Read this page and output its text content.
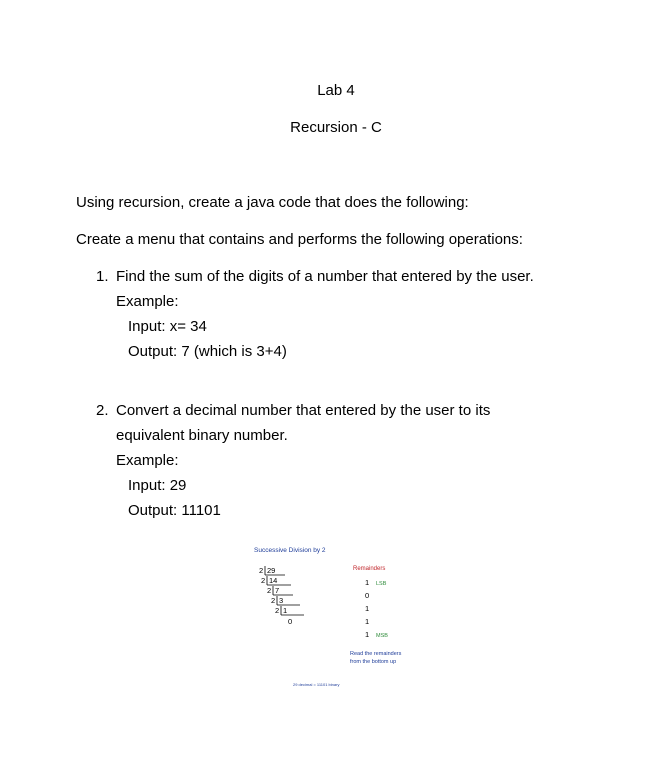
Lab 4
Recursion - C
Using recursion, create a java code that does the following:
Create a menu that contains and performs the following operations:
1. Find the sum of the digits of a number that entered by the user.
Example:
Input: x= 34
Output: 7 (which is 3+4)
2. Convert a decimal number that entered by the user to its
equivalent binary number.
Example:
Input: 29
Output: 11101
Successive Division by 2
Remainders
2 29
2 14
2 7
2 3
2 1
0
1 LSB
0
1
1
1 MSB
Read the remainders
from the bottom up
29 decimal = 11101 binary
